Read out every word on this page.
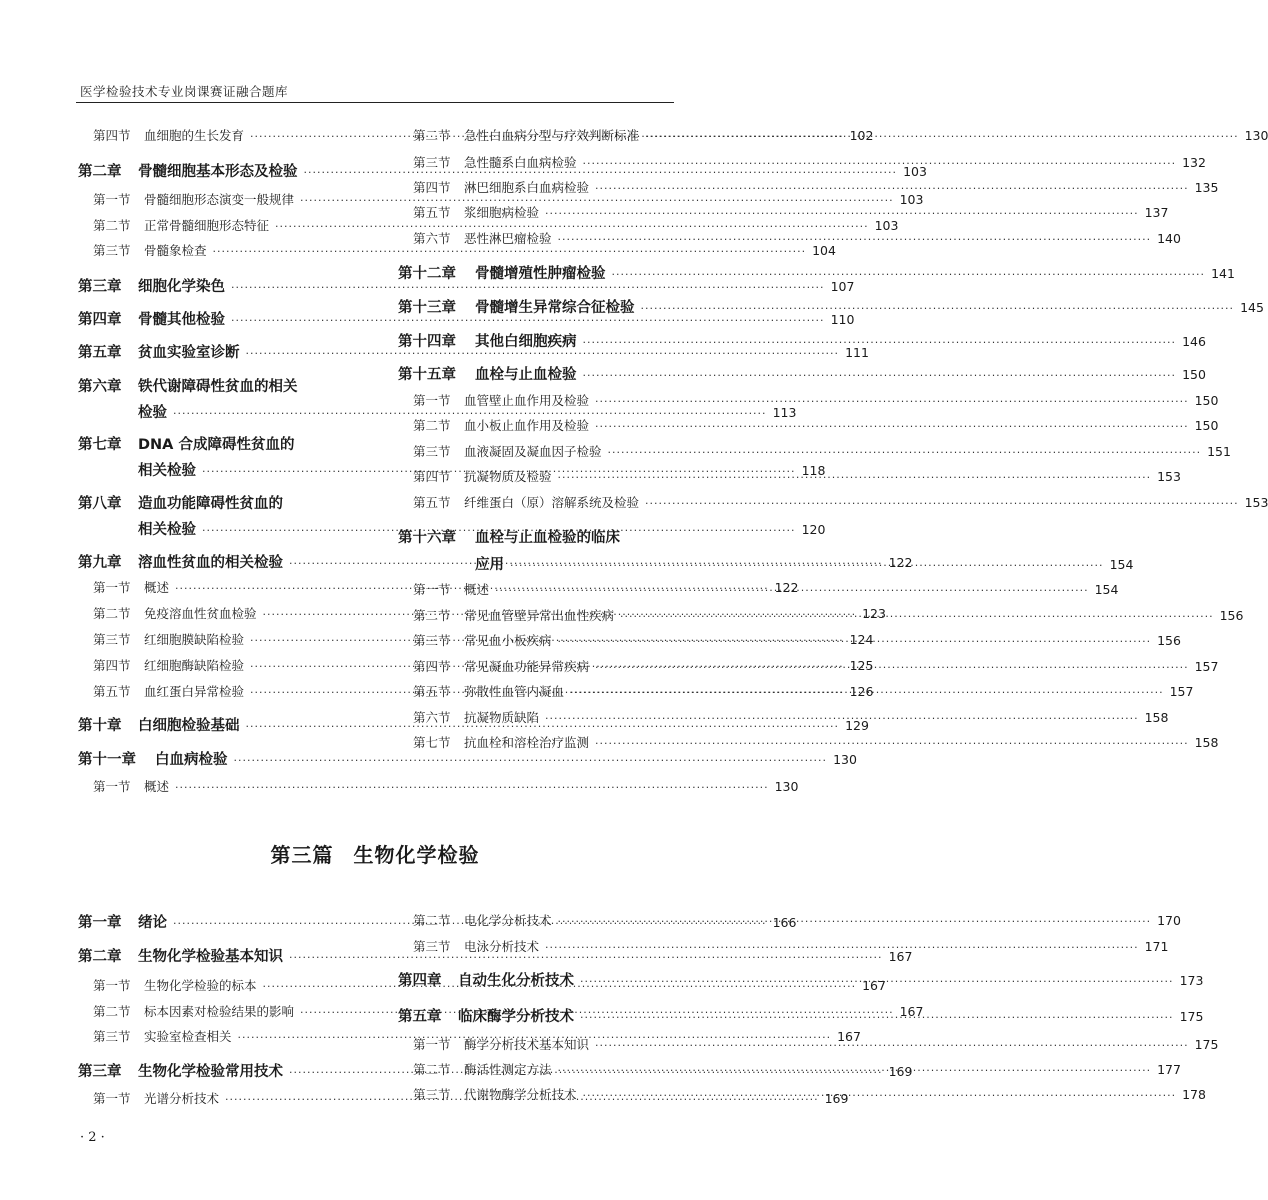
医学检验技术专业岗课赛证融合题库
第四节	血细胞的生长发育 ·····	102
第二章	骨髓细胞基本形态及检验 ·····	103
第一节	骨髓细胞形态演变一般规律 ·····	103
第二节	正常骨髓细胞形态特征 ·····	103
第三节	骨髓象检查 ·····	104
第三章	细胞化学染色 ·····	107
第四章	骨髓其他检验 ·····	110
第五章	贫血实验室诊断 ·····	111
第六章	铁代谢障碍性贫血的相关
检验 ·····	113
第七章	DNA 合成障碍性贫血的
相关检验 ·····	118
第八章	造血功能障碍性贫血的
相关检验 ·····	120
第九章	溶血性贫血的相关检验 ·····	122
第一节	概述 ·····	122
第二节	免疫溶血性贫血检验 ·····	123
第三节	红细胞膜缺陷检验 ·····	124
第四节	红细胞酶缺陷检验 ·····	125
第五节	血红蛋白异常检验 ·····	126
第十章	白细胞检验基础 ·····	129
第十一章	白血病检验 ·····	130
第一节	概述 ·····	130
第二节	急性白血病分型与疗效判断标准 ·····	130
第三节	急性髓系白血病检验 ·····	132
第四节	淋巴细胞系白血病检验 ·····	135
第五节	浆细胞病检验 ·····	137
第六节	恶性淋巴瘤检验 ·····	140
第十二章	骨髓增殖性肿瘤检验 ·····	141
第十三章	骨髓增生异常综合征检验 ·····	145
第十四章	其他白细胞疾病 ·····	146
第十五章	血栓与止血检验 ·····	150
第一节	血管壁止血作用及检验 ·····	150
第二节	血小板止血作用及检验 ·····	150
第三节	血液凝固及凝血因子检验 ·····	151
第四节	抗凝物质及检验 ·····	153
第五节	纤维蛋白（原）溶解系统及检验 ·····	153
第十六章	血栓与止血检验的临床
应用 ·····	154
第一节	概述 ·····	154
第二节	常见血管壁异常出血性疾病 ·····	156
第三节	常见血小板疾病 ·····	156
第四节	常见凝血功能异常疾病 ·····	157
第五节	弥散性血管内凝血 ·····	157
第六节	抗凝物质缺陷 ·····	158
第七节	抗血栓和溶栓治疗监测 ·····	158
第三篇 生物化学检验
第一章	绪论 ·····	166
第二章	生物化学检验基本知识 ·····	167
第一节	生物化学检验的标本 ·····	167
第二节	标本因素对检验结果的影响 ·····	167
第三节	实验室检查相关 ·····	167
第三章	生物化学检验常用技术 ·····	169
第一节	光谱分析技术 ·····	169
第二节	电化学分析技术 ·····	170
第三节	电泳分析技术 ·····	171
第四章	自动生化分析技术 ·····	173
第五章	临床酶学分析技术 ·····	175
第一节	酶学分析技术基本知识 ·····	175
第二节	酶活性测定方法 ·····	177
第三节	代谢物酶学分析技术 ·····	178
· 2 ·
